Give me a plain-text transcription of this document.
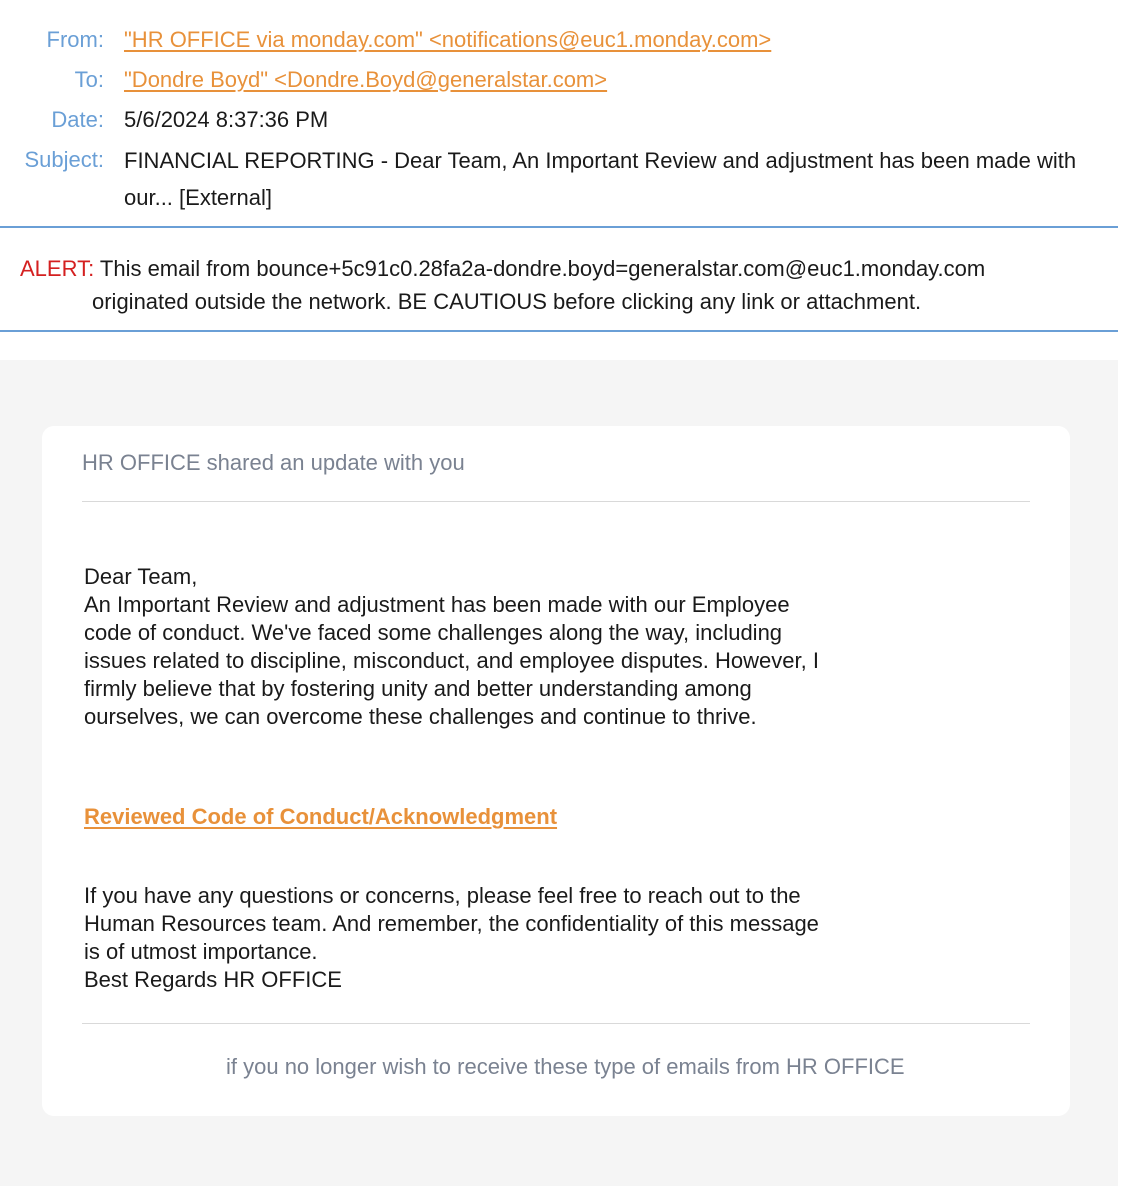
From: "HR OFFICE via monday.com" <notifications@euc1.monday.com>
To: "Dondre Boyd" <Dondre.Boyd@generalstar.com>
Date: 5/6/2024 8:37:36 PM
Subject: FINANCIAL REPORTING - Dear Team, An Important Review and adjustment has been made with our... [External]
ALERT: This email from bounce+5c91c0.28fa2a-dondre.boyd=generalstar.com@euc1.monday.com
originated outside the network. BE CAUTIOUS before clicking any link or attachment.
HR OFFICE shared an update with you
Dear Team,
An Important Review and adjustment has been made with our Employee
code of conduct. We've faced some challenges along the way, including
issues related to discipline, misconduct, and employee disputes. However, I
firmly believe that by fostering unity and better understanding among
ourselves, we can overcome these challenges and continue to thrive.
Reviewed Code of Conduct/Acknowledgment
If you have any questions or concerns, please feel free to reach out to the
Human Resources team. And remember, the confidentiality of this message
is of utmost importance.
Best Regards HR OFFICE
if you no longer wish to receive these type of emails from HR OFFICE
